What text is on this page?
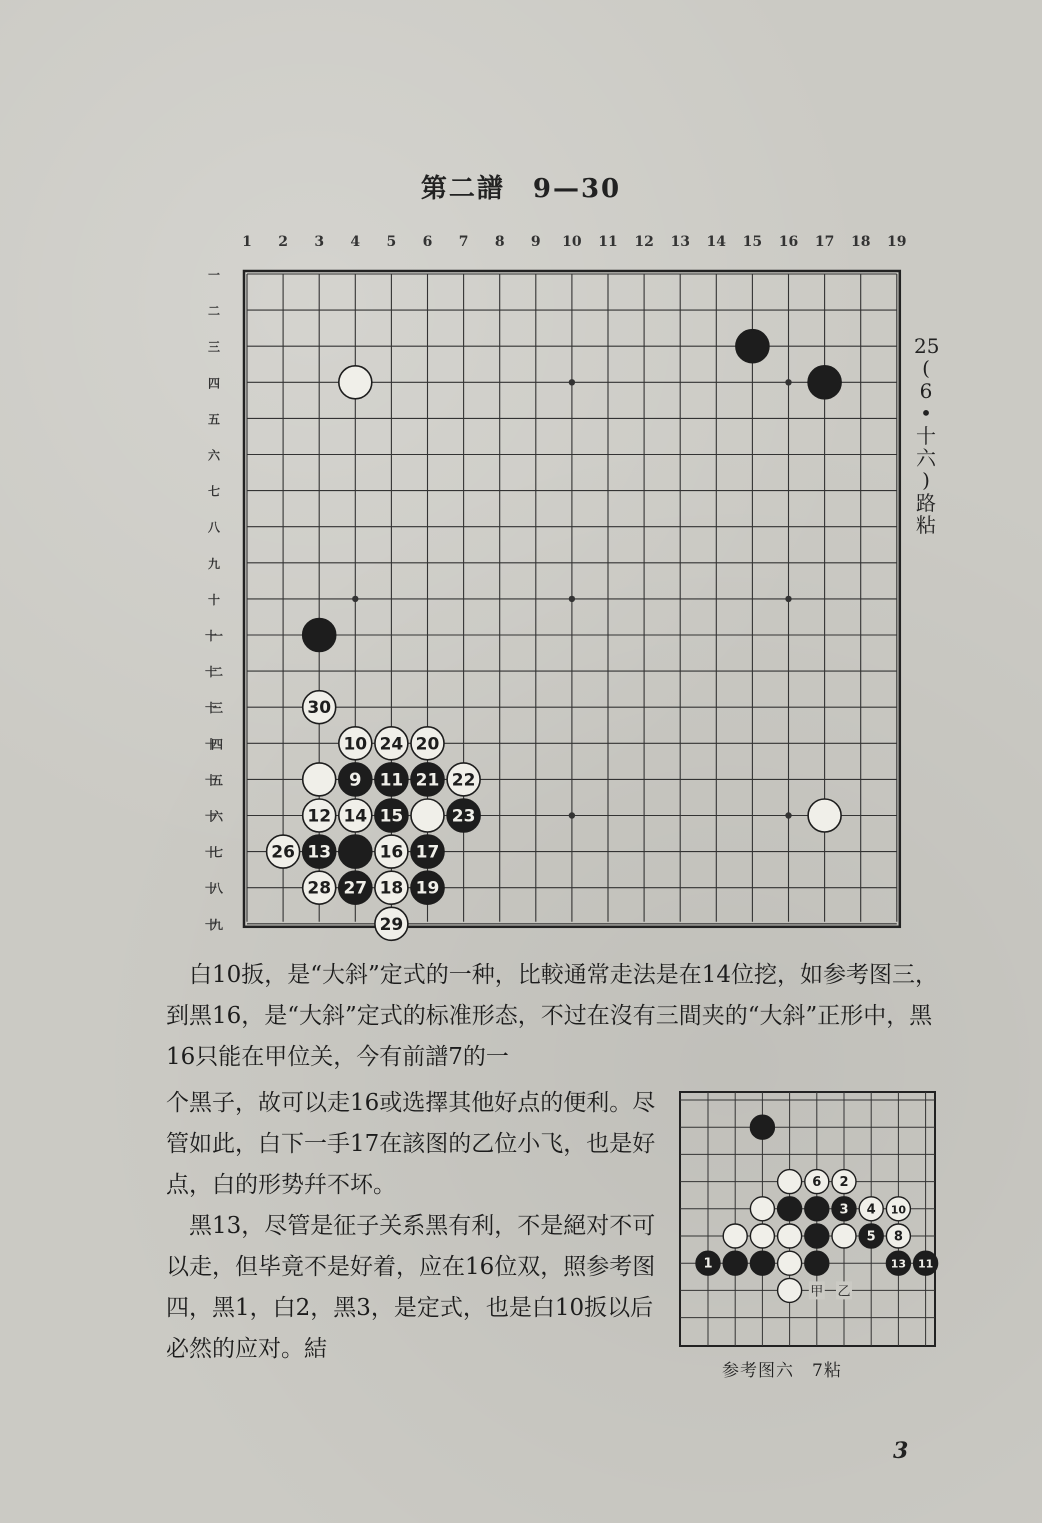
第二譜　9—30
1 2 3 4 5 6 7 8 9 10 11 12 13 14 15 16 17 18 19
一
二
三
四
五
六
七
八
九
十
十一
十二
十三
十四
十五
十六
十七
十八
十九
30
10 24 20
9 11 21 22
12 14 15	23
26 13	16 17
28 27 18 19
29
25
(
6
•
十
六
)
路
粘

　白10扳，是“大斜”定式的一种，比較通常走法是在14位挖，如参考图三，到黑16，是“大斜”定式的标准形态，不过在沒有三間夹的“大斜”正形中，黑16只能在甲位关，今有前譜7的一

个黑子，故可以走16或选擇其他好点的便利。尽管如此，白下一手17在該图的乙位小飞，也是好点，白的形势幷不坏。

　黑13，尽管是征子关系黑有利，不是絕对不可以走，但毕竟不是好着，应在16位双，照参考图四，黑1，白2，黑3，是定式，也是白10扳以后必然的应对。結

6 2
3 4 10
5 8
1	13 11
甲 乙
参考图六　7粘
3
